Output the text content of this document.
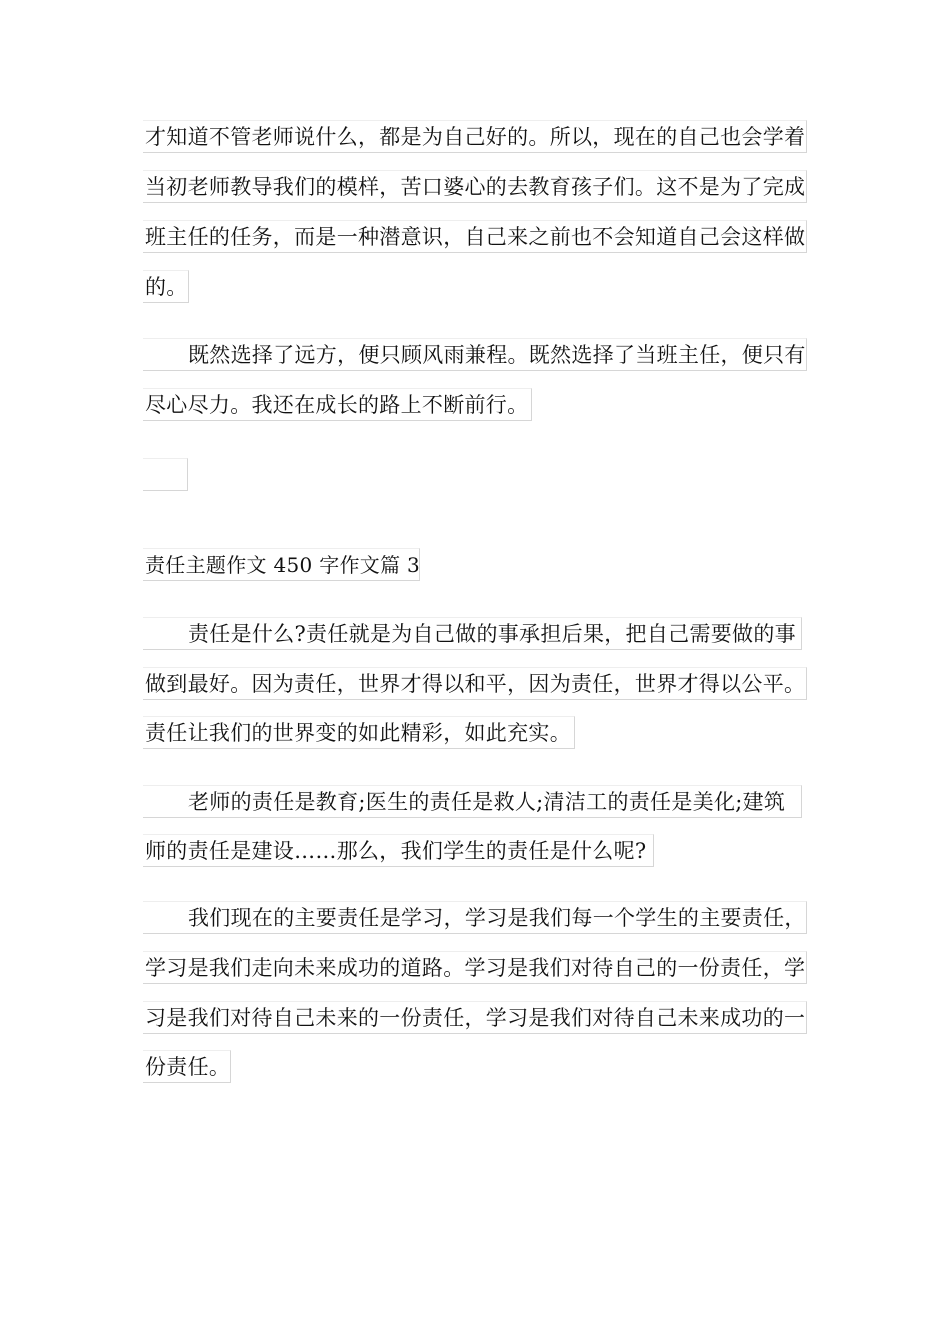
才知道不管老师说什么，都是为自己好的。所以，现在的自己也会学着
当初老师教导我们的模样，苦口婆心的去教育孩子们。这不是为了完成
班主任的任务，而是一种潜意识，自己来之前也不会知道自己会这样做
的。
既然选择了远方，便只顾风雨兼程。既然选择了当班主任，便只有
尽心尽力。我还在成长的路上不断前行。
责任主题作文 450 字作文篇 3
责任是什么?责任就是为自己做的事承担后果，把自己需要做的事
做到最好。因为责任，世界才得以和平，因为责任，世界才得以公平。
责任让我们的世界变的如此精彩，如此充实。
老师的责任是教育;医生的责任是救人;清洁工的责任是美化;建筑
师的责任是建设……那么，我们学生的责任是什么呢?
我们现在的主要责任是学习，学习是我们每一个学生的主要责任，
学习是我们走向未来成功的道路。学习是我们对待自己的一份责任，学
习是我们对待自己未来的一份责任，学习是我们对待自己未来成功的一
份责任。
